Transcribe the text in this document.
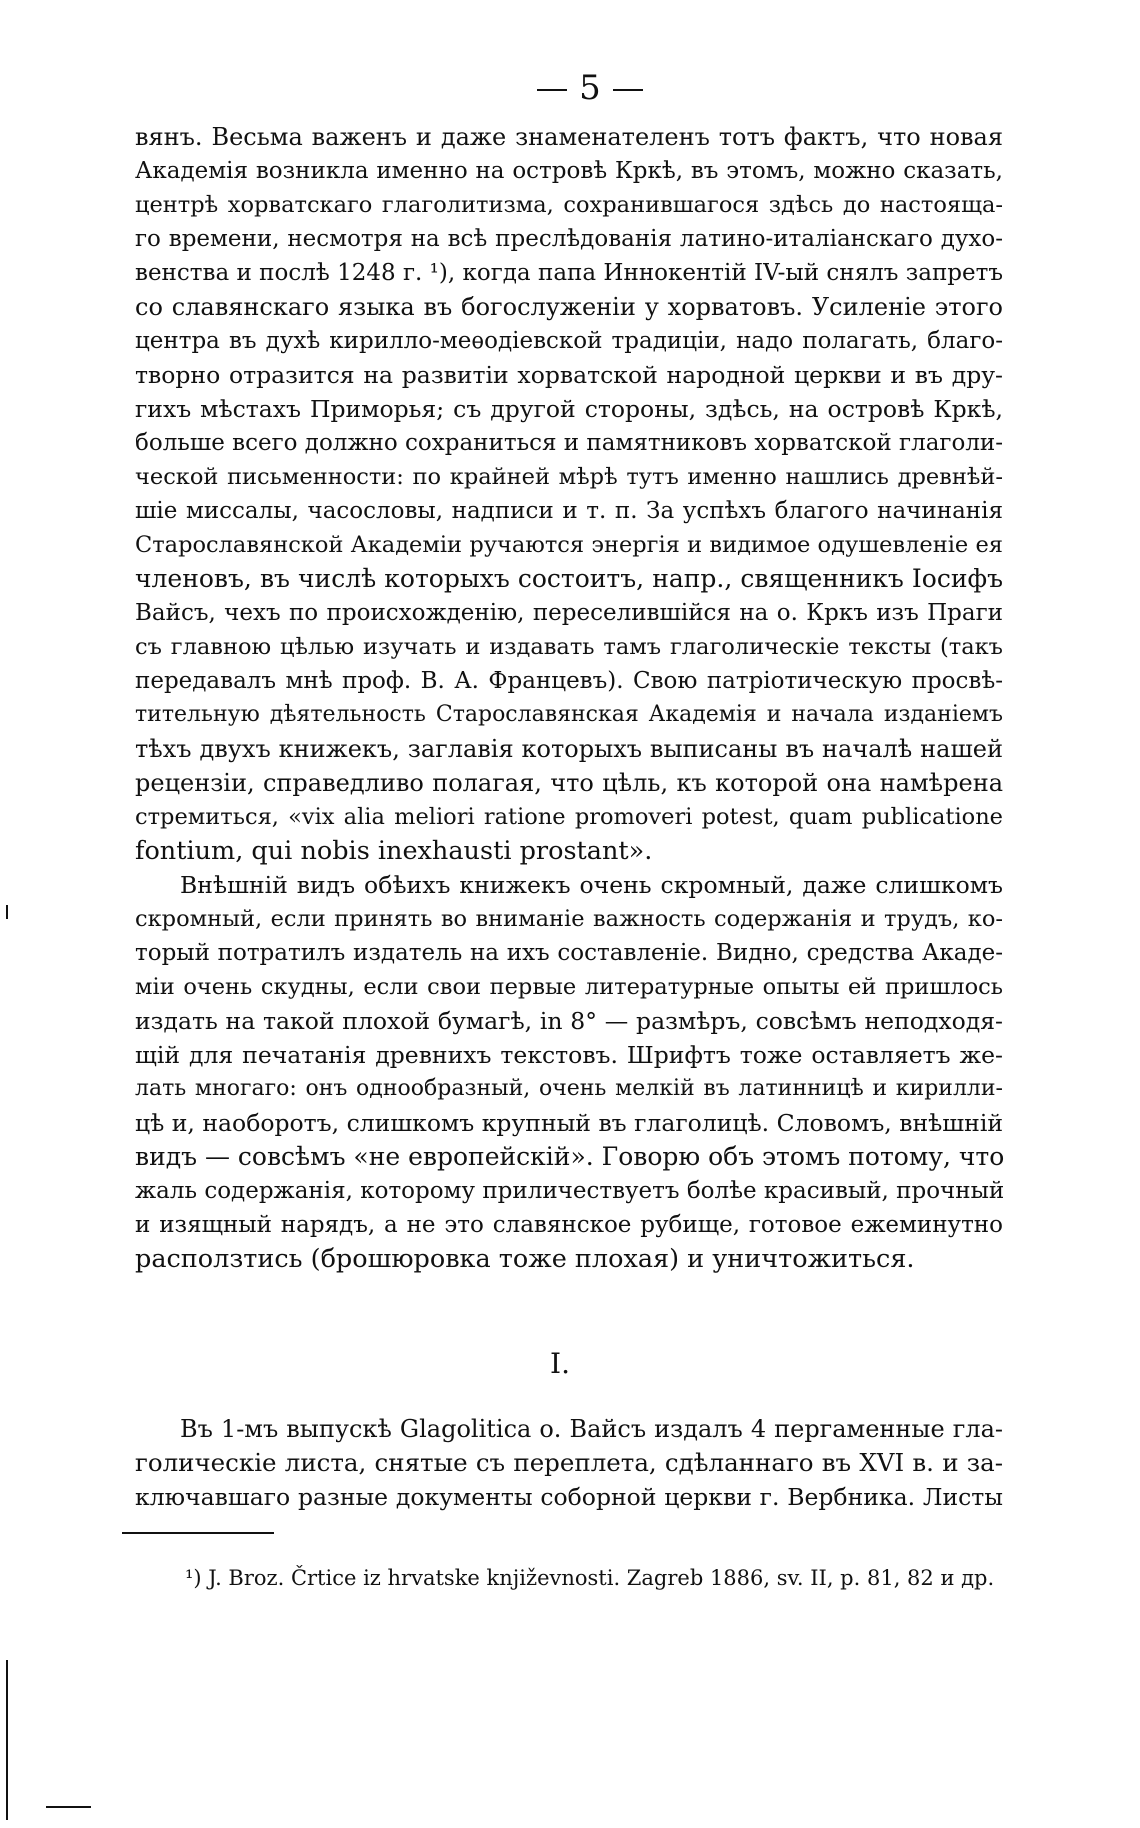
5
вянъ. Весьма важенъ и даже знаменателенъ тотъ фактъ, что новая
Академія возникла именно на островѣ Кркѣ, въ этомъ, можно сказать,
центрѣ хорватскаго глаголитизма, сохранившагося здѣсь до настояща-
го времени, несмотря на всѣ преслѣдованія латино-италіанскаго духо-
венства и послѣ 1248 г. ¹), когда папа Иннокентій IV-ый снялъ запретъ
со славянскаго языка въ богослуженіи у хорватовъ. Усиленіе этого
центра въ духѣ кирилло-меѳодіевской традиціи, надо полагать, благо-
творно отразится на развитіи хорватской народной церкви и въ дру-
гихъ мѣстахъ Приморья; съ другой стороны, здѣсь, на островѣ Кркѣ,
больше всего должно сохраниться и памятниковъ хорватской глаголи-
ческой письменности: по крайней мѣрѣ тутъ именно нашлись древнѣй-
шіе миссалы, часословы, надписи и т. п. За успѣхъ благого начинанія
Старославянской Академіи ручаются энергія и видимое одушевленіе ея
членовъ, въ числѣ которыхъ состоитъ, напр., священникъ Іосифъ
Вайсъ, чехъ по происхожденію, переселившійся на о. Кркъ изъ Праги
съ главною цѣлью изучать и издавать тамъ глаголическіе тексты (такъ
передавалъ мнѣ проф. В. А. Францевъ). Свою патріотическую просвѣ-
тительную дѣятельность Старославянская Академія и начала изданіемъ
тѣхъ двухъ книжекъ, заглавія которыхъ выписаны въ началѣ нашей
рецензіи, справедливо полагая, что цѣль, къ которой она намѣрена
стремиться, «vix alia meliori ratione promoveri potest, quam publicatione
fontium, qui nobis inexhausti prostant».
Внѣшній видъ обѣихъ книжекъ очень скромный, даже слишкомъ
скромный, если принять во вниманіе важность содержанія и трудъ, ко-
торый потратилъ издатель на ихъ составленіе. Видно, средства Акаде-
міи очень скудны, если свои первые литературные опыты ей пришлось
издать на такой плохой бумагѣ, in 8° — размѣръ, совсѣмъ неподходя-
щій для печатанія древнихъ текстовъ. Шрифтъ тоже оставляетъ же-
лать многаго: онъ однообразный, очень мелкій въ латинницѣ и кирилли-
цѣ и, наоборотъ, слишкомъ крупный въ глаголицѣ. Словомъ, внѣшній
видъ — совсѣмъ «не европейскій». Говорю объ этомъ потому, что
жаль содержанія, которому приличествуетъ болѣе красивый, прочный
и изящный нарядъ, а не это славянское рубище, готовое ежеминутно
расползтись (брошюровка тоже плохая) и уничтожиться.
I.
Въ 1-мъ выпускѣ Glagolitica о. Вайсъ издалъ 4 пергаменные гла-
голическіе листа, снятые съ переплета, сдѣланнаго въ XVI в. и за-
ключавшаго разные документы соборной церкви г. Вербника. Листы
¹) J. Broz. Črtice iz hrvatske književnosti. Zagreb 1886, sv. II, p. 81, 82 и др.
